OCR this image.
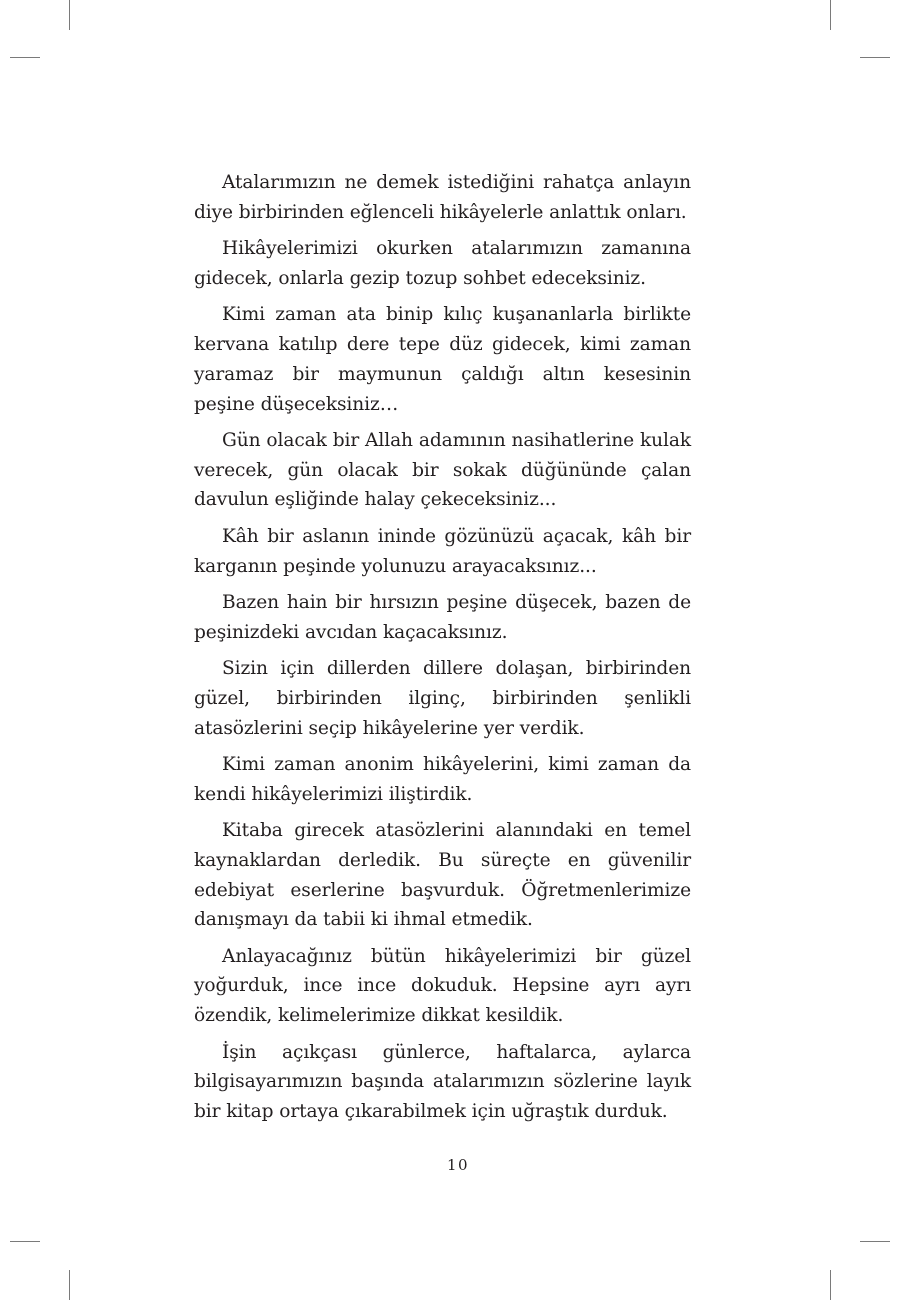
Atalarımızın ne demek istediğini rahatça anlayın diye birbirinden eğlenceli hikâyelerle anlattık onları.

Hikâyelerimizi okurken atalarımızın zamanına gidecek, onlarla gezip tozup sohbet edeceksiniz.

Kimi zaman ata binip kılıç kuşananlarla birlikte kervana katılıp dere tepe düz gidecek, kimi zaman yaramaz bir maymunun çaldığı altın kesesinin peşine düşeceksiniz…

Gün olacak bir Allah adamının nasihatlerine kulak verecek, gün olacak bir sokak düğününde çalan davulun eşliğinde halay çekeceksiniz...

Kâh bir aslanın ininde gözünüzü açacak, kâh bir karganın peşinde yolunuzu arayacaksınız...

Bazen hain bir hırsızın peşine düşecek, bazen de peşinizdeki avcıdan kaçacaksınız.

Sizin için dillerden dillere dolaşan, birbirinden güzel, birbirinden ilginç, birbirinden şenlikli atasözlerini seçip hikâyelerine yer verdik.

Kimi zaman anonim hikâyelerini, kimi zaman da kendi hikâyelerimizi iliştirdik.

Kitaba girecek atasözlerini alanındaki en temel kaynaklardan derledik. Bu süreçte en güvenilir edebiyat eserlerine başvurduk. Öğretmenlerimize danışmayı da tabii ki ihmal etmedik.

Anlayacağınız bütün hikâyelerimizi bir güzel yoğurduk, ince ince dokuduk. Hepsine ayrı ayrı özendik, kelimelerimize dikkat kesildik.

İşin açıkçası günlerce, haftalarca, aylarca bilgisayarımızın başında atalarımızın sözlerine layık bir kitap ortaya çıkarabilmek için uğraştık durduk.

10
